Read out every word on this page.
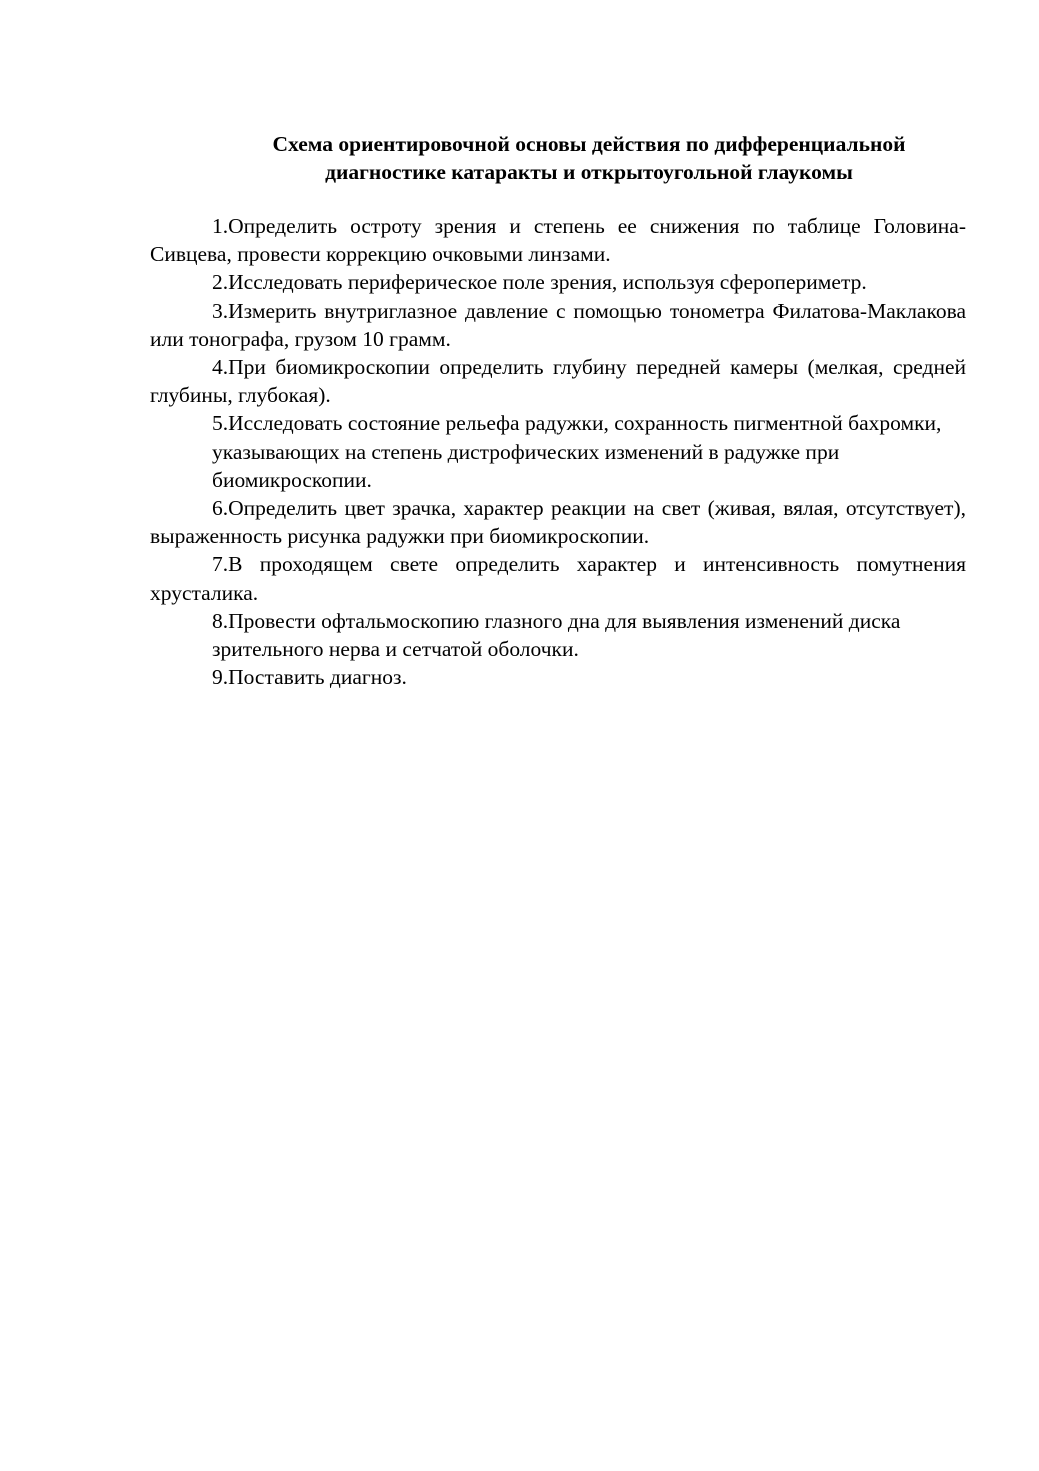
Схема ориентировочной основы действия по дифференциальной
диагностике катаракты и открытоугольной глаукомы

1.Определить остроту зрения и степень ее снижения по таблице Головина-Сивцева, провести коррекцию очковыми линзами.

2.Исследовать периферическое поле зрения, используя сфероперимeтр.

3.Измерить внутриглазное давление с помощью тонометра Филатова-Маклакова или тонографа, грузом 10 грамм.

4.При биомикроскопии определить глубину передней камеры (мелкая, средней глубины, глубокая).

5.Исследовать состояние рельефа радужки, сохранность пигментной бахромки, указывающих на степень дистрофических изменений в радужке при биомикроскопии.

6.Определить цвет зрачка, характер реакции на свет (живая, вялая, отсутствует), выраженность рисунка радужки при биомикроскопии.

7.В проходящем свете определить характер и интенсивность помутнения хрусталика.

8.Провести офтальмоскопию глазного дна для выявления изменений диска зрительного нерва и сетчатой оболочки.

9.Поставить диагноз.
